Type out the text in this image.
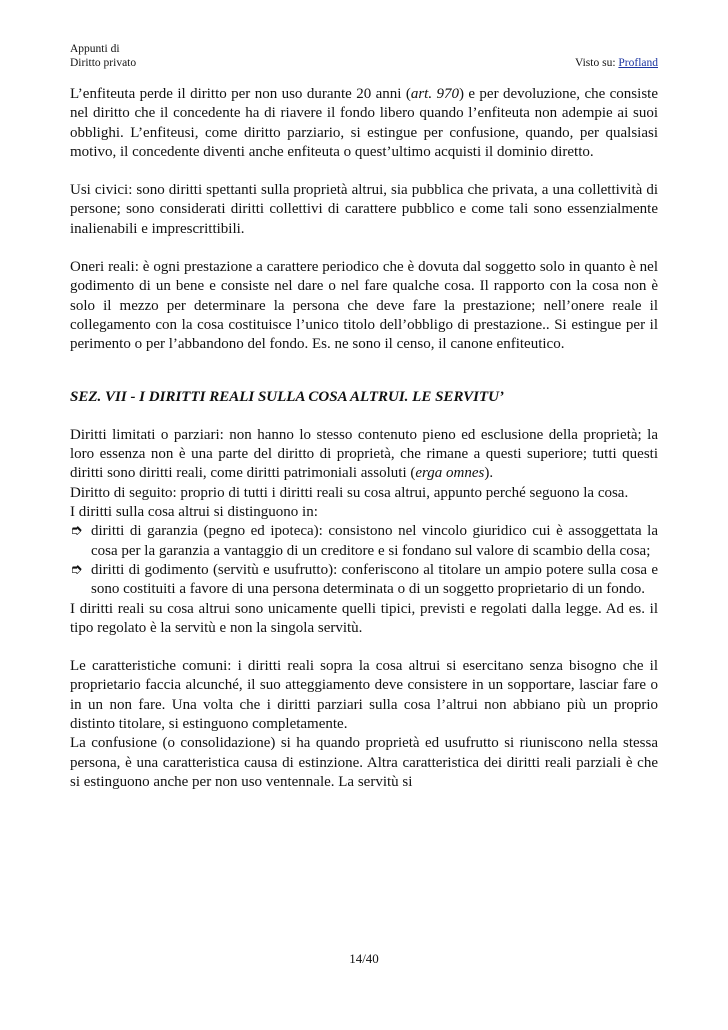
Appunti di
Diritto privato	Visto su: Profland

L’enfiteuta perde il diritto per non uso durante 20 anni (art. 970) e per devoluzione, che consiste nel diritto che il concedente ha di riavere il fondo libero quando l’enfiteuta non adempie ai suoi obblighi. L’enfiteusi, come diritto parziario, si estingue per confusione, quando, per qualsiasi motivo, il concedente diventi anche enfiteuta o quest’ultimo acquisti il dominio diretto.

Usi civici: sono diritti spettanti sulla proprietà altrui, sia pubblica che privata, a una collettività di persone; sono considerati diritti collettivi di carattere pubblico e come tali sono essenzialmente inalienabili e imprescrittibili.

Oneri reali: è ogni prestazione a carattere periodico che è dovuta dal soggetto solo in quanto è nel godimento di un bene e consiste nel dare o nel fare qualche cosa. Il rapporto con la cosa non è solo il mezzo per determinare la persona che deve fare la prestazione; nell’onere reale il collegamento con la cosa costituisce l’unico titolo dell’obbligo di prestazione.. Si estingue per il perimento o per l’abbandono del fondo. Es. ne sono il censo, il canone enfiteutico.

SEZ. VII - I DIRITTI REALI SULLA COSA ALTRUI. LE SERVITU’

Diritti limitati o parziari: non hanno lo stesso contenuto pieno ed esclusione della proprietà; la loro essenza non è una parte del diritto di proprietà, che rimane a questi superiore; tutti questi diritti sono diritti reali, come diritti patrimoniali assoluti (erga omnes).

Diritto di seguito: proprio di tutti i diritti reali su cosa altrui, appunto perché seguono la cosa.

I diritti sulla cosa altrui si distinguono in:

➮ diritti di garanzia (pegno ed ipoteca): consistono nel vincolo giuridico cui è assoggettata la cosa per la garanzia a vantaggio di un creditore e si fondano sul valore di scambio della cosa;
➮ diritti di godimento (servitù e usufrutto): conferiscono al titolare un ampio potere sulla cosa e sono costituiti a favore di una persona determinata o di un soggetto proprietario di un fondo.

I diritti reali su cosa altrui sono unicamente quelli tipici, previsti e regolati dalla legge. Ad es. il tipo regolato è la servitù e non la singola servitù.

Le caratteristiche comuni: i diritti reali sopra la cosa altrui si esercitano senza bisogno che il proprietario faccia alcunché, il suo atteggiamento deve consistere in un sopportare, lasciar fare o in un non fare. Una volta che i diritti parziari sulla cosa l’altrui non abbiano più un proprio distinto titolare, si estinguono completamente.

La confusione (o consolidazione) si ha quando proprietà ed usufrutto si riuniscono nella stessa persona, è una caratteristica causa di estinzione. Altra caratteristica dei diritti reali parziali è che si estinguono anche per non uso ventennale. La servitù si

14/40
